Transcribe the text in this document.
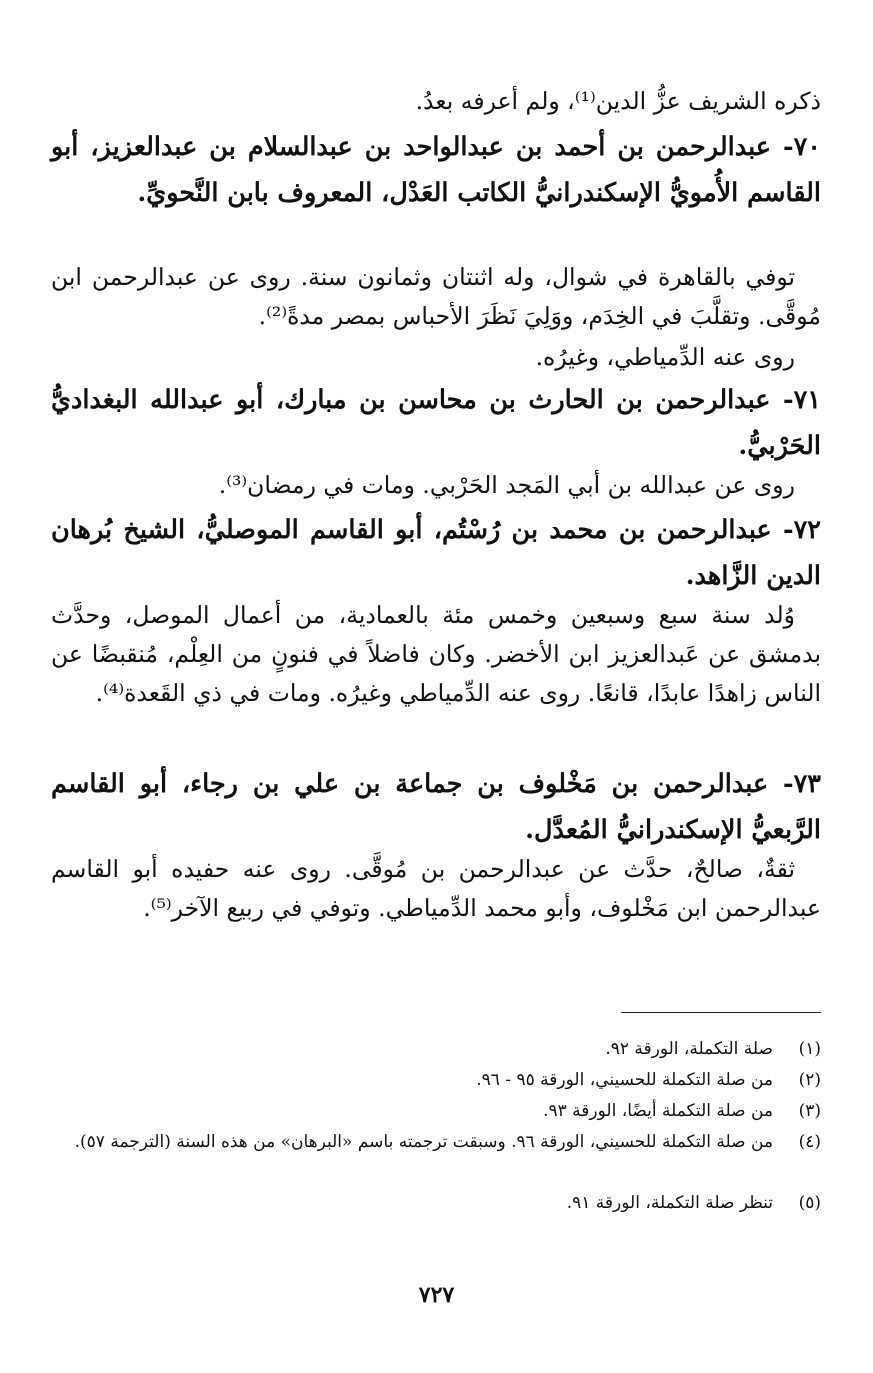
ذكره الشريف عزُّ الدين⁽¹⁾، ولم أعرفه بعدُ.

٧٠- عبدالرحمن بن أحمد بن عبدالواحد بن عبدالسلام بن عبدالعزيز، أبو القاسم الأُمويُّ الإسكندرانيُّ الكاتب العَدْل، المعروف بابن النَّحويِّ.

توفي بالقاهرة في شوال، وله اثنتان وثمانون سنة. روى عن عبدالرحمن ابن مُوقَّى. وتقلَّبَ في الخِدَم، ووَلِيَ نَظَرَ الأحباس بمصر مدةً⁽²⁾.

روى عنه الدِّمياطي، وغيرُه.

٧١- عبدالرحمن بن الحارث بن محاسن بن مبارك، أبو عبدالله البغداديُّ الحَرْبيُّ.

روى عن عبدالله بن أبي المَجد الحَرْبي. ومات في رمضان⁽³⁾.

٧٢- عبدالرحمن بن محمد بن رُسْتُم، أبو القاسم الموصليُّ، الشيخ بُرهان الدين الزَّاهد.

وُلد سنة سبع وسبعين وخمس مئة بالعمادية، من أعمال الموصل، وحدَّث بدمشق عن عَبدالعزيز ابن الأخضر. وكان فاضلاً في فنونٍ من العِلْم، مُنقبضًا عن الناس زاهدًا عابدًا، قانعًا. روى عنه الدِّمياطي وغيرُه. ومات في ذي القَعدة⁽⁴⁾.

٧٣- عبدالرحمن بن مَخْلوف بن جماعة بن علي بن رجاء، أبو القاسم الرَّبعيُّ الإسكندرانيُّ المُعدَّل.

ثقةٌ، صالحٌ، حدَّث عن عبدالرحمن بن مُوقَّى. روى عنه حفيده أبو القاسم عبدالرحمن ابن مَخْلوف، وأبو محمد الدِّمياطي. وتوفي في ربيع الآخر⁽⁵⁾.

(١)صلة التكملة، الورقة ٩٢.
(٢)من صلة التكملة للحسيني، الورقة ٩٥ - ٩٦.
(٣)من صلة التكملة أيضًا، الورقة ٩٣.
(٤)
من صلة التكملة للحسيني، الورقة ٩٦. وسبقت ترجمته باسم «البرهان» من هذه السنة (الترجمة ٥٧).
(٥)تنظر صلة التكملة، الورقة ٩١.
٧٢٧
